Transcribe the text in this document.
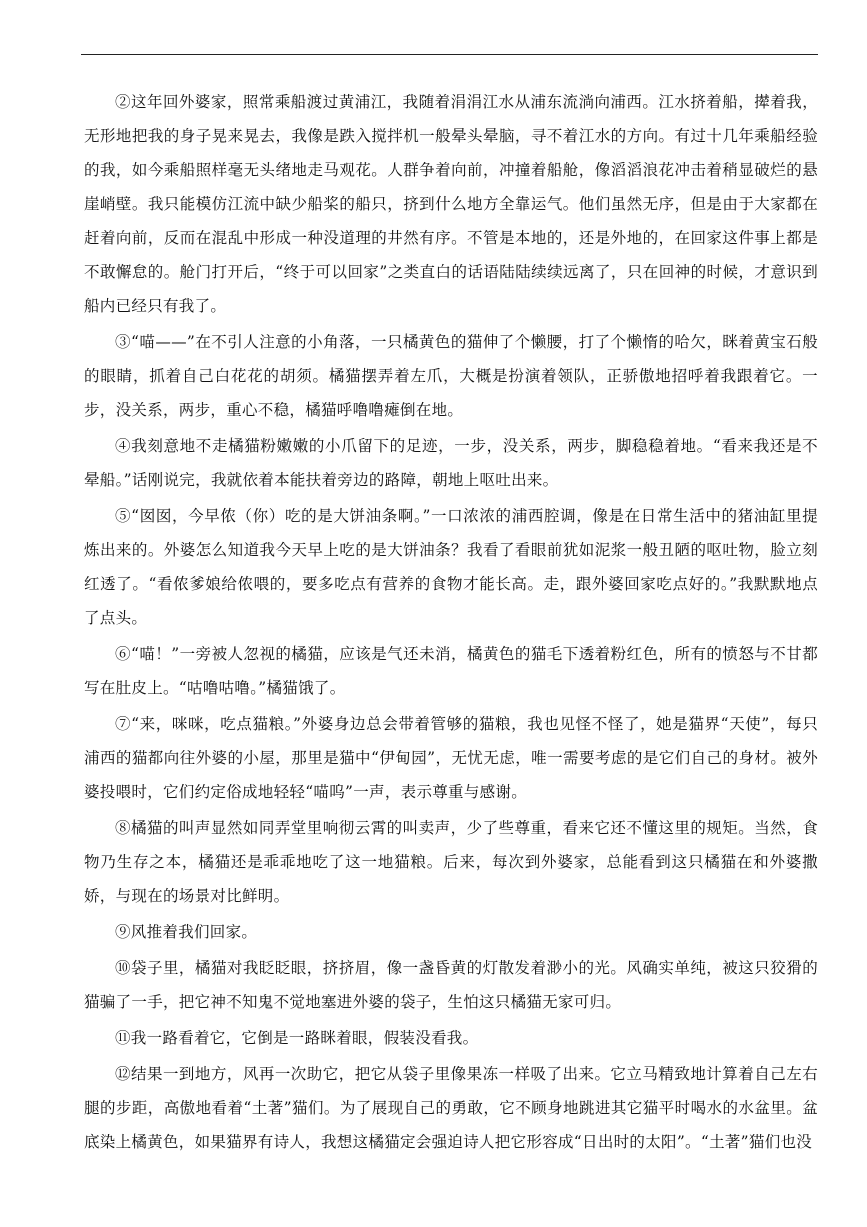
②这年回外婆家，照常乘船渡过黄浦江，我随着涓涓江水从浦东流淌向浦西。江水挤着船，撵着我，无形地把我的身子晃来晃去，我像是跌入搅拌机一般晕头晕脑，寻不着江水的方向。有过十几年乘船经验的我，如今乘船照样毫无头绪地走马观花。人群争着向前，冲撞着船舱，像滔滔浪花冲击着稍显破烂的悬崖峭壁。我只能模仿江流中缺少船桨的船只，挤到什么地方全靠运气。他们虽然无序，但是由于大家都在赶着向前，反而在混乱中形成一种没道理的井然有序。不管是本地的，还是外地的，在回家这件事上都是不敢懈怠的。舱门打开后，“终于可以回家”之类直白的话语陆陆续续远离了，只在回神的时候，才意识到船内已经只有我了。

③“喵——”在不引人注意的小角落，一只橘黄色的猫伸了个懒腰，打了个懒惰的哈欠，眯着黄宝石般的眼睛，抓着自己白花花的胡须。橘猫摆弄着左爪，大概是扮演着领队，正骄傲地招呼着我跟着它。一步，没关系，两步，重心不稳，橘猫呼噜噜瘫倒在地。

④我刻意地不走橘猫粉嫩嫩的小爪留下的足迹，一步，没关系，两步，脚稳稳着地。“看来我还是不晕船。”话刚说完，我就依着本能扶着旁边的路障，朝地上呕吐出来。

⑤“囡囡，今早侬（你）吃的是大饼油条啊。”一口浓浓的浦西腔调，像是在日常生活中的猪油缸里提炼出来的。外婆怎么知道我今天早上吃的是大饼油条？我看了看眼前犹如泥浆一般丑陋的呕吐物，脸立刻红透了。“看侬爹娘给侬喂的，要多吃点有营养的食物才能长高。走，跟外婆回家吃点好的。”我默默地点了点头。

⑥“喵！”一旁被人忽视的橘猫，应该是气还未消，橘黄色的猫毛下透着粉红色，所有的愤怒与不甘都写在肚皮上。“咕噜咕噜。”橘猫饿了。

⑦“来，咪咪，吃点猫粮。”外婆身边总会带着管够的猫粮，我也见怪不怪了，她是猫界“天使”，每只浦西的猫都向往外婆的小屋，那里是猫中“伊甸园”，无忧无虑，唯一需要考虑的是它们自己的身材。被外婆投喂时，它们约定俗成地轻轻“喵呜”一声，表示尊重与感谢。

⑧橘猫的叫声显然如同弄堂里响彻云霄的叫卖声，少了些尊重，看来它还不懂这里的规矩。当然，食物乃生存之本，橘猫还是乖乖地吃了这一地猫粮。后来，每次到外婆家，总能看到这只橘猫在和外婆撒娇，与现在的场景对比鲜明。

⑨风推着我们回家。

⑩袋子里，橘猫对我眨眨眼，挤挤眉，像一盏昏黄的灯散发着渺小的光。风确实单纯，被这只狡猾的猫骗了一手，把它神不知鬼不觉地塞进外婆的袋子，生怕这只橘猫无家可归。

⑪我一路看着它，它倒是一路眯着眼，假装没看我。

⑫结果一到地方，风再一次助它，把它从袋子里像果冻一样吸了出来。它立马精致地计算着自己左右腿的步距，高傲地看着“土著”猫们。为了展现自己的勇敢，它不顾身地跳进其它猫平时喝水的水盆里。盆底染上橘黄色，如果猫界有诗人，我想这橘猫定会强迫诗人把它形容成“日出时的太阳”。“土著”猫们也没
